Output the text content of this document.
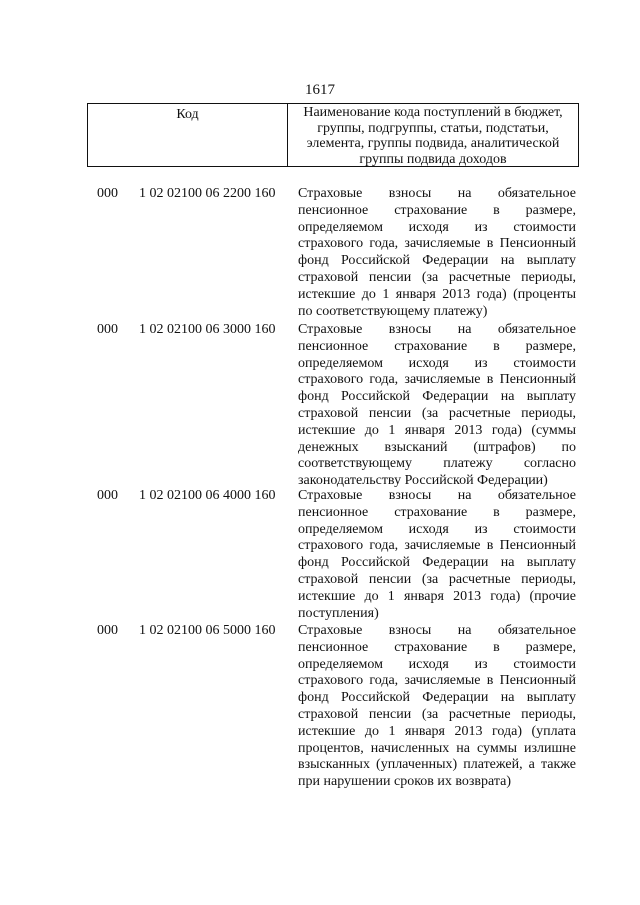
1617
Код	Наименование кода поступлений в бюджет, группы, подгруппы, статьи, подстатьи, элемента, группы подвида, аналитической группы подвида доходов
000 1 02 02100 06 2200 160 Страховые взносы на обязательное пенсионное страхование в размере, определяемом исходя из стоимости страхового года, зачисляемые в Пенсионный фонд Российской Федерации на выплату страховой пенсии (за расчетные периоды, истекшие до 1 января 2013 года) (проценты по соответствующему платежу)
000 1 02 02100 06 3000 160 Страховые взносы на обязательное пенсионное страхование в размере, определяемом исходя из стоимости страхового года, зачисляемые в Пенсионный фонд Российской Федерации на выплату страховой пенсии (за расчетные периоды, истекшие до 1 января 2013 года) (суммы денежных взысканий (штрафов) по соответствующему платежу согласно законодательству Российской Федерации)
000 1 02 02100 06 4000 160 Страховые взносы на обязательное пенсионное страхование в размере, определяемом исходя из стоимости страхового года, зачисляемые в Пенсионный фонд Российской Федерации на выплату страховой пенсии (за расчетные периоды, истекшие до 1 января 2013 года) (прочие поступления)
000 1 02 02100 06 5000 160 Страховые взносы на обязательное пенсионное страхование в размере, определяемом исходя из стоимости страхового года, зачисляемые в Пенсионный фонд Российской Федерации на выплату страховой пенсии (за расчетные периоды, истекшие до 1 января 2013 года) (уплата процентов, начисленных на суммы излишне взысканных (уплаченных) платежей, а также при нарушении сроков их возврата)
